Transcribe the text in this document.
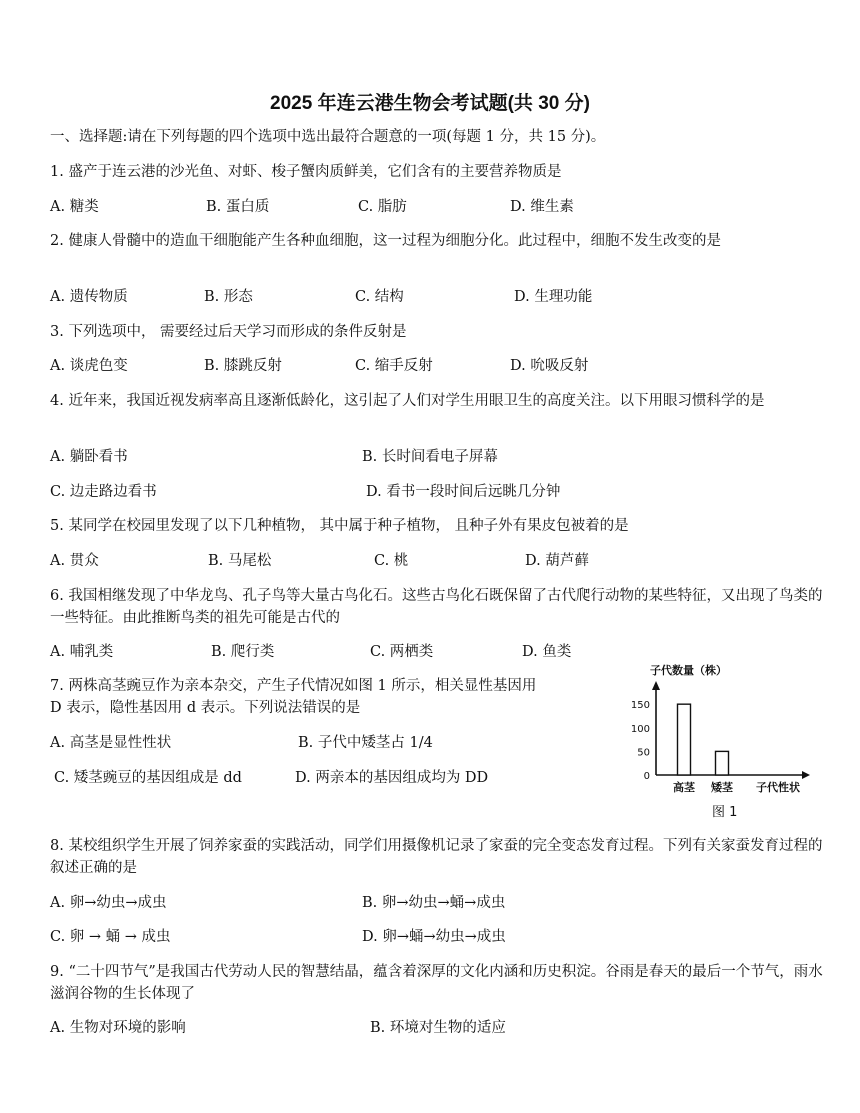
2025 年连云港生物会考试题(共 30 分)
一、选择题:请在下列每题的四个选项中选出最符合题意的一项(每题 1 分，共 15 分)。
1. 盛产于连云港的沙光鱼、对虾、梭子蟹肉质鲜美，它们含有的主要营养物质是
A. 糖类	B. 蛋白质	C. 脂肪	D. 维生素
2. 健康人骨髓中的造血干细胞能产生各种血细胞，这一过程为细胞分化。此过程中，细胞不发生改变的是
A. 遗传物质	B. 形态	C. 结构	D. 生理功能
3. 下列选项中， 需要经过后天学习而形成的条件反射是
A. 谈虎色变	B. 膝跳反射	C. 缩手反射	D. 吮吸反射
4. 近年来，我国近视发病率高且逐渐低龄化，这引起了人们对学生用眼卫生的高度关注。以下用眼习惯科学的是
A. 躺卧看书	B. 长时间看电子屏幕
C. 边走路边看书	D. 看书一段时间后远眺几分钟
5. 某同学在校园里发现了以下几种植物， 其中属于种子植物， 且种子外有果皮包被着的是
A. 贯众	B. 马尾松	C. 桃	D. 葫芦藓
6. 我国相继发现了中华龙鸟、孔子鸟等大量古鸟化石。这些古鸟化石既保留了古代爬行动物的某些特征，又出现了鸟类的一些特征。由此推断鸟类的祖先可能是古代的
A. 哺乳类	B. 爬行类	C. 两栖类	D. 鱼类
7. 两株高茎豌豆作为亲本杂交，产生子代情况如图 1 所示，相关显性基因用
D 表示，隐性基因用 d 表示。下列说法错误的是
A. 高茎是显性性状	B. 子代中矮茎占 1/4
C. 矮茎豌豆的基因组成是 dd	D. 两亲本的基因组成均为 DD
子代数量（株）
0
50
100
150
高茎 矮茎 子代性状
图 1
8. 某校组织学生开展了饲养家蚕的实践活动，同学们用摄像机记录了家蚕的完全变态发育过程。下列有关家蚕发育过程的叙述正确的是
A. 卵→幼虫→成虫	B. 卵→幼虫→蛹→成虫
C. 卵 → 蛹 → 成虫	D. 卵→蛹→幼虫→成虫
9. “二十四节气”是我国古代劳动人民的智慧结晶，蕴含着深厚的文化内涵和历史积淀。谷雨是春天的最后一个节气，雨水滋润谷物的生长体现了
A. 生物对环境的影响	B. 环境对生物的适应
